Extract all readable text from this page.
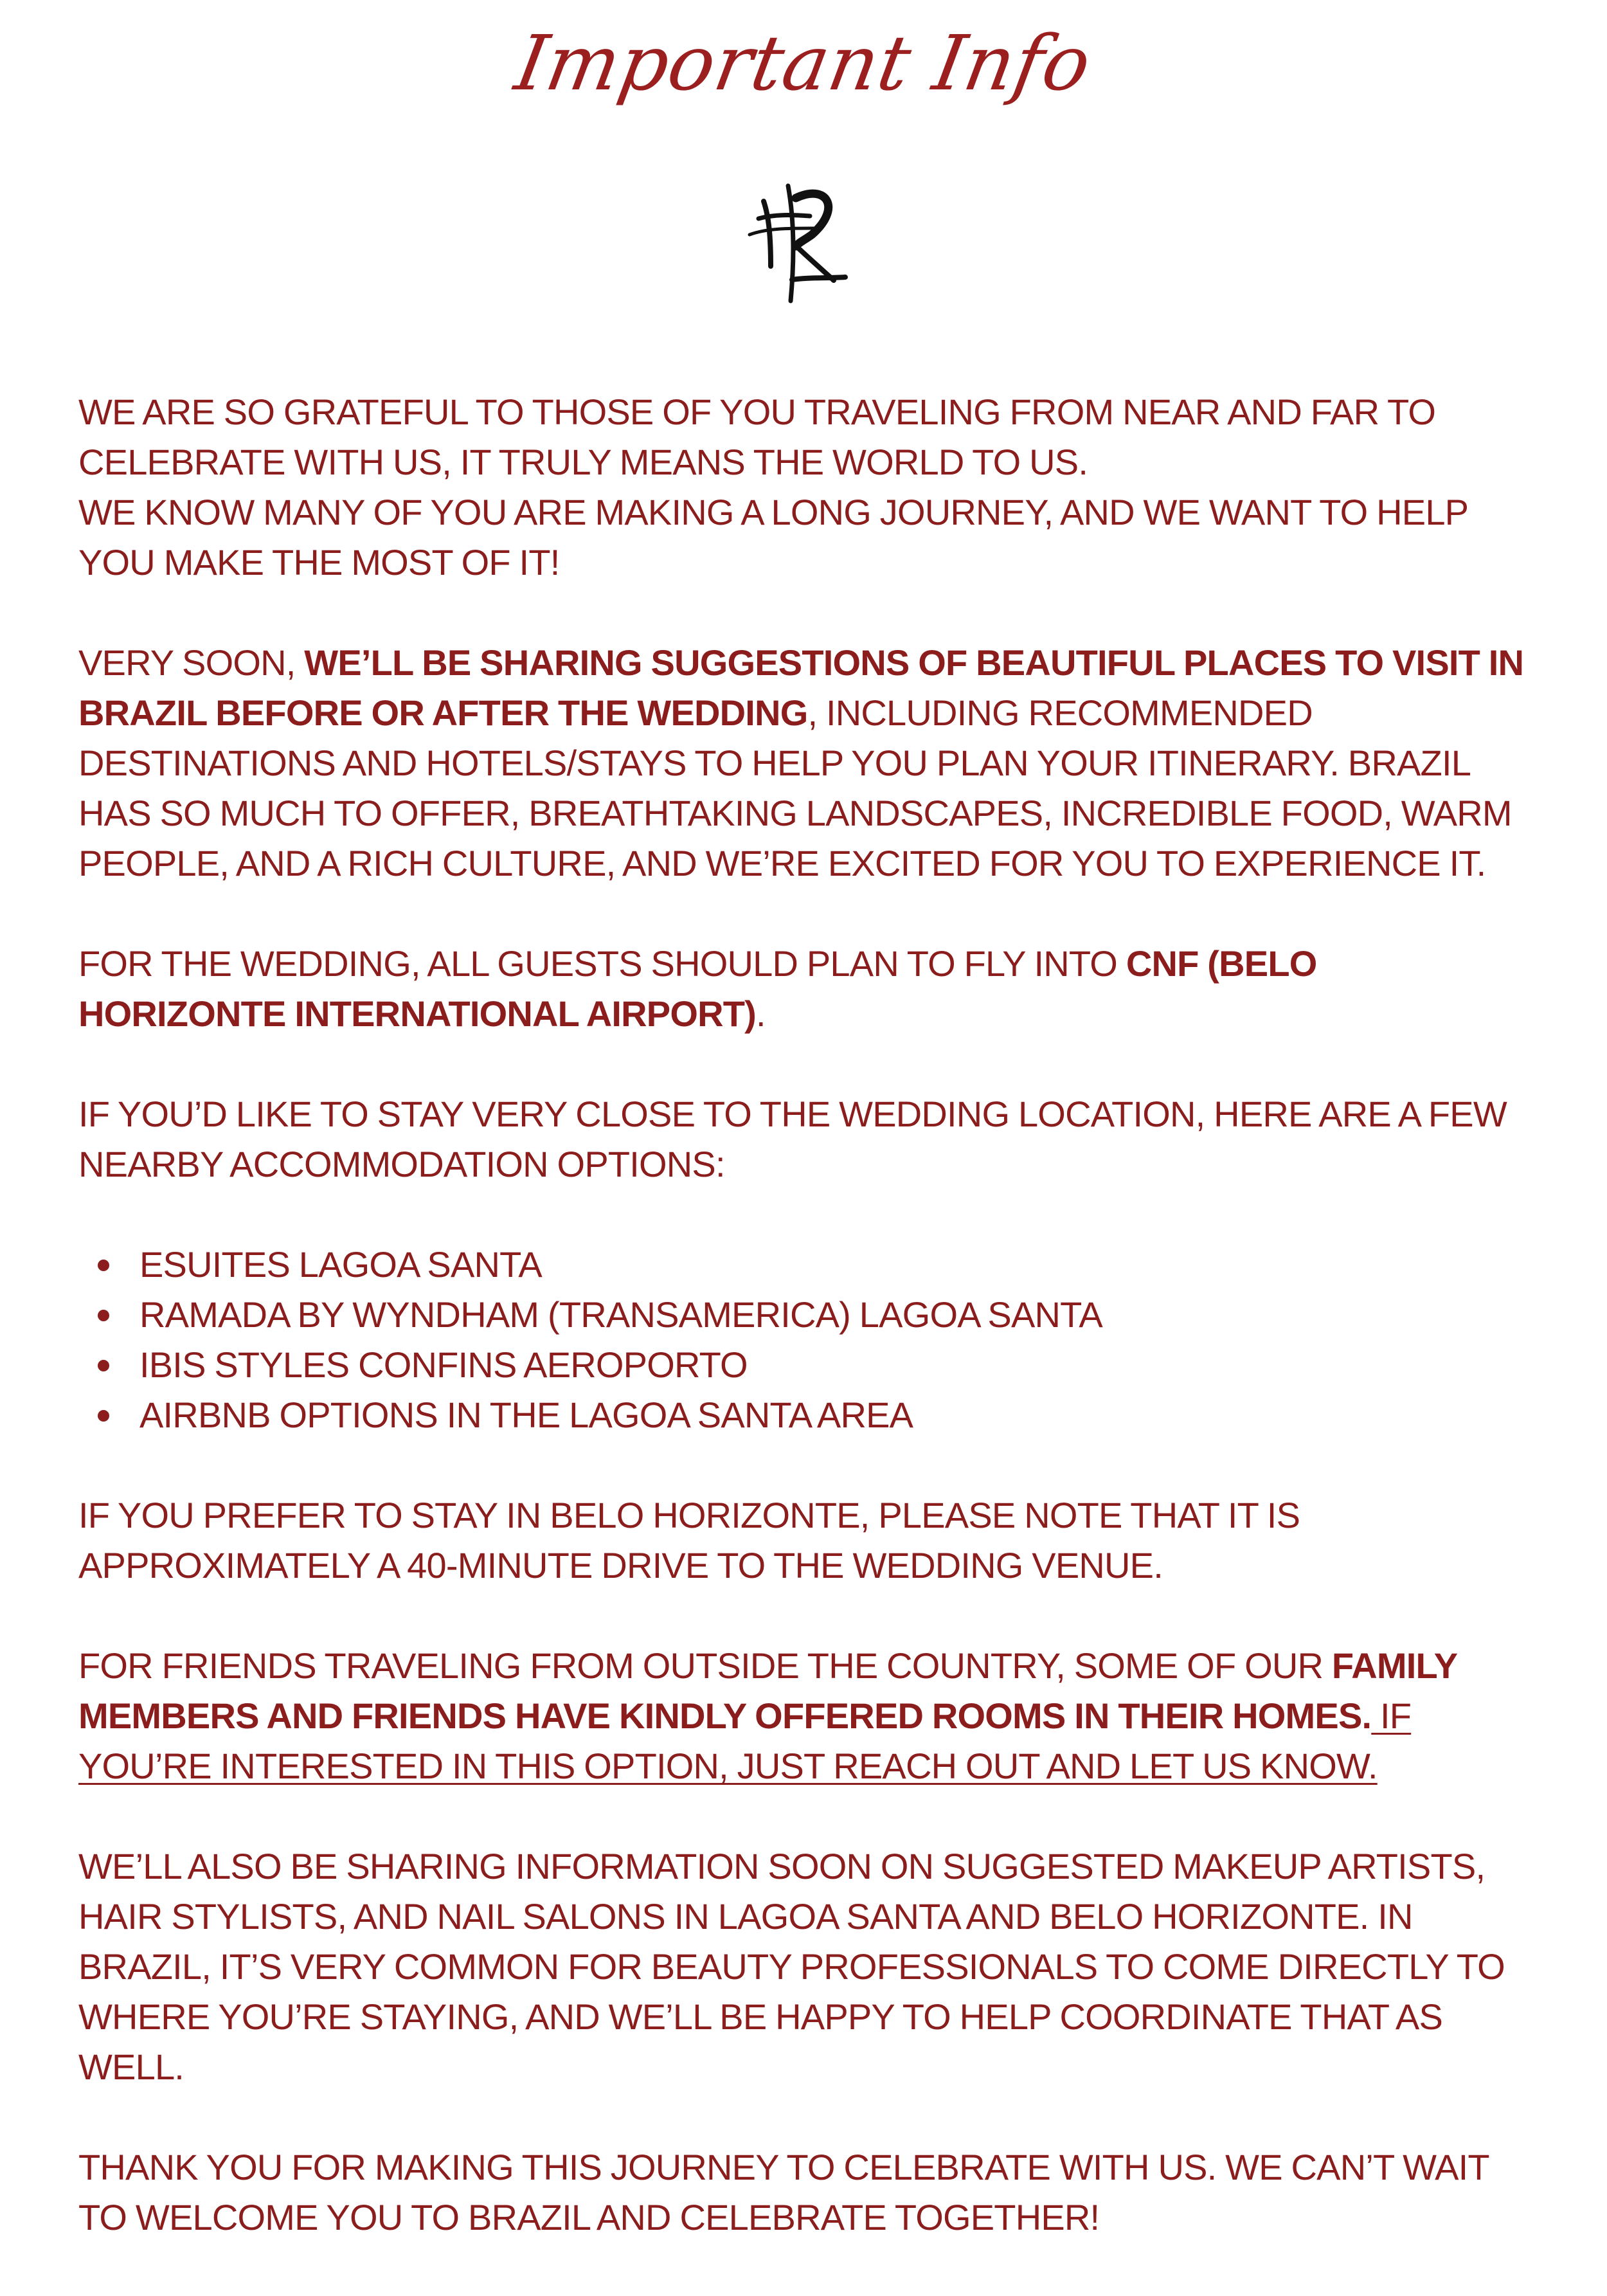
Important Info
WE ARE SO GRATEFUL TO THOSE OF YOU TRAVELING FROM NEAR AND FAR TO CELEBRATE WITH US, IT TRULY MEANS THE WORLD TO US.
WE KNOW MANY OF YOU ARE MAKING A LONG JOURNEY, AND WE WANT TO HELP YOU MAKE THE MOST OF IT!
VERY SOON, WE’LL BE SHARING SUGGESTIONS OF BEAUTIFUL PLACES TO VISIT IN BRAZIL BEFORE OR AFTER THE WEDDING, INCLUDING RECOMMENDED DESTINATIONS AND HOTELS/STAYS TO HELP YOU PLAN YOUR ITINERARY. BRAZIL HAS SO MUCH TO OFFER, BREATHTAKING LANDSCAPES, INCREDIBLE FOOD, WARM PEOPLE, AND A RICH CULTURE, AND WE’RE EXCITED FOR YOU TO EXPERIENCE IT.
FOR THE WEDDING, ALL GUESTS SHOULD PLAN TO FLY INTO CNF (BELO HORIZONTE INTERNATIONAL AIRPORT).
IF YOU’D LIKE TO STAY VERY CLOSE TO THE WEDDING LOCATION, HERE ARE A FEW NEARBY ACCOMMODATION OPTIONS:
ESUITES LAGOA SANTA
RAMADA BY WYNDHAM (TRANSAMERICA) LAGOA SANTA
IBIS STYLES CONFINS AEROPORTO
AIRBNB OPTIONS IN THE LAGOA SANTA AREA
IF YOU PREFER TO STAY IN BELO HORIZONTE, PLEASE NOTE THAT IT IS APPROXIMATELY A 40-MINUTE DRIVE TO THE WEDDING VENUE.
FOR FRIENDS TRAVELING FROM OUTSIDE THE COUNTRY, SOME OF OUR FAMILY MEMBERS AND FRIENDS HAVE KINDLY OFFERED ROOMS IN THEIR HOMES. IF YOU’RE INTERESTED IN THIS OPTION, JUST REACH OUT AND LET US KNOW.
WE’LL ALSO BE SHARING INFORMATION SOON ON SUGGESTED MAKEUP ARTISTS, HAIR STYLISTS, AND NAIL SALONS IN LAGOA SANTA AND BELO HORIZONTE. IN BRAZIL, IT’S VERY COMMON FOR BEAUTY PROFESSIONALS TO COME DIRECTLY TO WHERE YOU’RE STAYING, AND WE’LL BE HAPPY TO HELP COORDINATE THAT AS WELL.
THANK YOU FOR MAKING THIS JOURNEY TO CELEBRATE WITH US. WE CAN’T WAIT TO WELCOME YOU TO BRAZIL AND CELEBRATE TOGETHER!
